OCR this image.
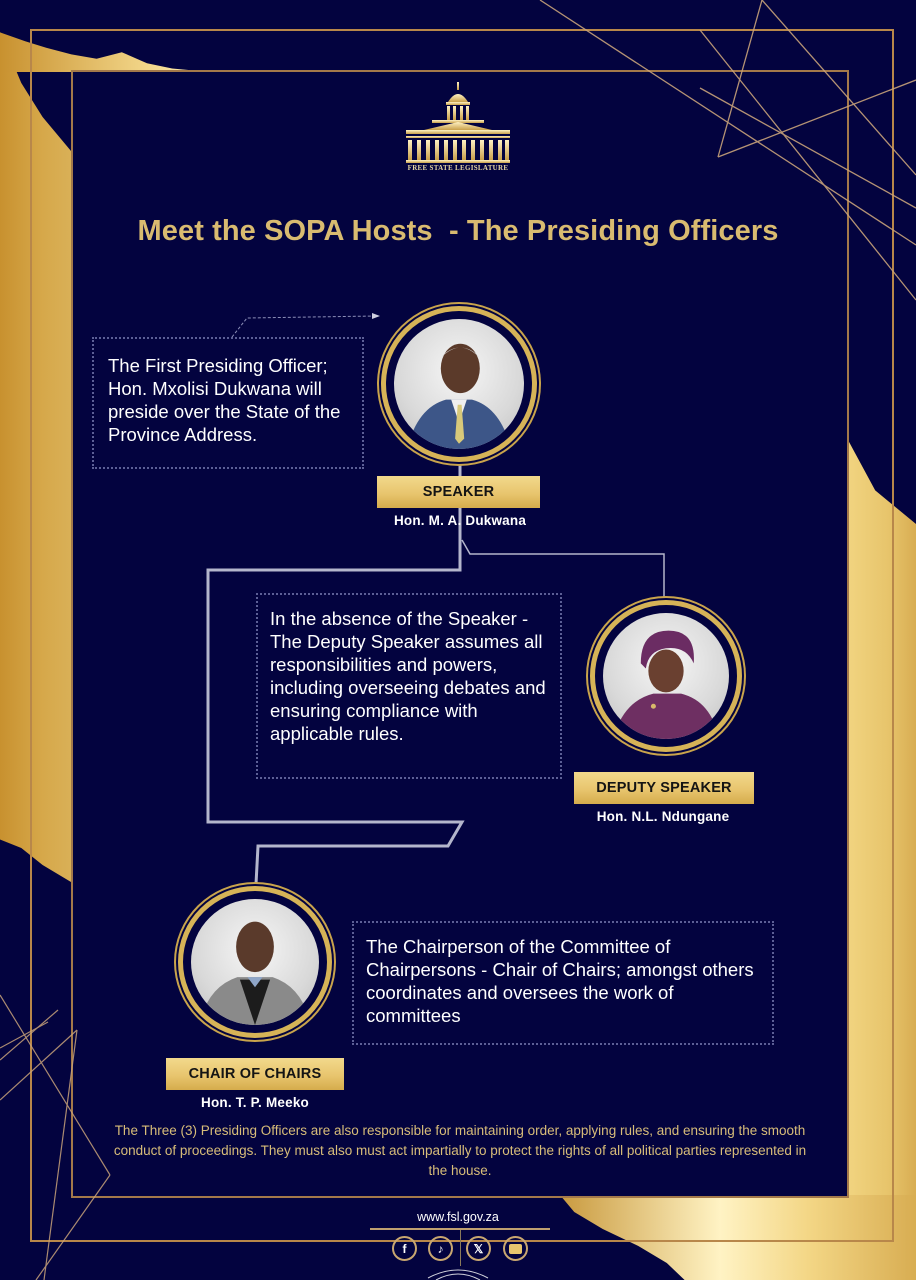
FREE STATE LEGISLATURE
Meet the SOPA Hosts  - The Presiding Officers
The First Presiding Officer; Hon. Mxolisi Dukwana will preside over the State of the Province Address.
SPEAKER
Hon. M. A. Dukwana
In the absence of the Speaker - The Deputy Speaker assumes all responsibilities and powers, including overseeing debates and ensuring compliance with applicable rules.
DEPUTY SPEAKER
Hon. N.L. Ndungane
CHAIR OF CHAIRS
Hon. T. P. Meeko
The Chairperson of the Committee of Chairpersons - Chair of Chairs; amongst others coordinates and oversees the work of committees

The Three (3) Presiding Officers are also responsible for maintaining order, applying rules, and ensuring the smooth conduct of proceedings. They must also must act impartially to protect the rights of all political parties represented in the house.

www.fsl.gov.za
f	♪	𝕏
